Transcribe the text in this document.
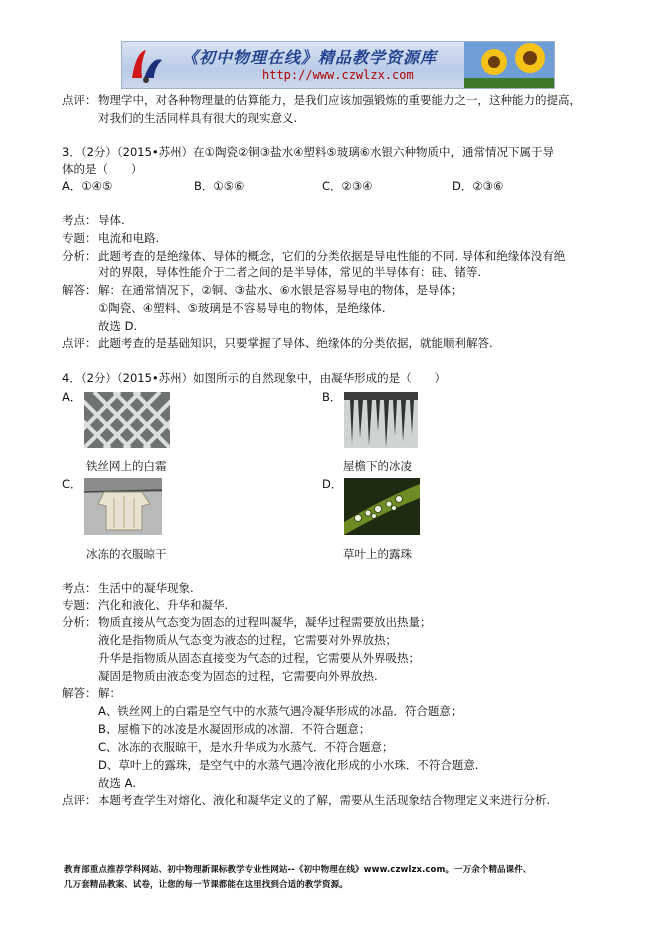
《初中物理在线》精品教学资源库
http://www.czwlzx.com
点评： 物理学中，对各种物理量的估算能力，是我们应该加强锻炼的重要能力之一，这种能力的提高，
对我们的生活同样具有很大的现实意义.
3．（2分）（2015•苏州）在①陶瓷②铜③盐水④塑料⑤玻璃⑥水银六种物质中，通常情况下属于导
体的是（　　）
A．①④⑤	B．①⑤⑥	C．②③④	D．②③⑥
考点： 导体.
专题： 电流和电路.
分析： 此题考查的是绝缘体、导体的概念，它们的分类依据是导电性能的不同. 导体和绝缘体没有绝
对的界限，导体性能介于二者之间的是半导体，常见的半导体有：硅、锗等.
解答： 解：在通常情况下，②铜、③盐水、⑥水银是容易导电的物体，是导体；
①陶瓷、④塑料、⑤玻璃是不容易导电的物体，是绝缘体.
故选 D.
点评： 此题考查的是基础知识，只要掌握了导体、绝缘体的分类依据，就能顺利解答.
4．（2分）（2015•苏州）如图所示的自然现象中，由凝华形成的是（　　）
A．	B．
铁丝网上的白霜	屋檐下的冰凌
C．	D．
冰冻的衣服晾干	草叶上的露珠
考点： 生活中的凝华现象.
专题： 汽化和液化、升华和凝华.
分析： 物质直接从气态变为固态的过程叫凝华，凝华过程需要放出热量；
液化是指物质从气态变为液态的过程，它需要对外界放热；
升华是指物质从固态直接变为气态的过程，它需要从外界吸热；
凝固是物质由液态变为固态的过程，它需要向外界放热.
解答： 解：
A、铁丝网上的白霜是空气中的水蒸气遇冷凝华形成的冰晶．符合题意；
B、屋檐下的冰凌是水凝固形成的冰溜．不符合题意；
C、冰冻的衣服晾干，是水升华成为水蒸气．不符合题意；
D、草叶上的露珠，是空气中的水蒸气遇冷液化形成的小水珠．不符合题意.
故选 A.
点评： 本题考查学生对熔化、液化和凝华定义的了解，需要从生活现象结合物理定义来进行分析.
教育部重点推荐学科网站、初中物理新课标教学专业性网站--《初中物理在线》www.czwlzx.com。一万余个精品课件、
几万套精品教案、试卷，让您的每一节课都能在这里找到合适的教学资源。
